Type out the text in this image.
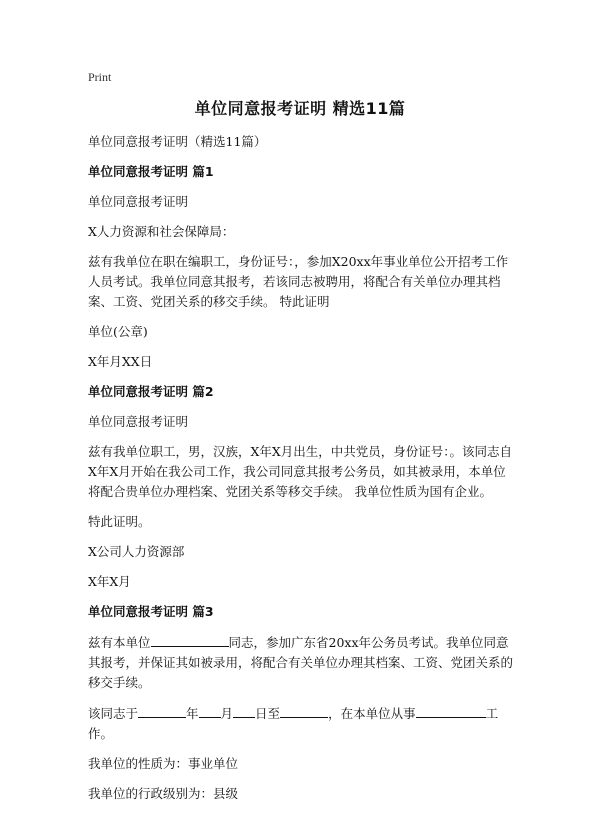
Print
单位同意报考证明 精选11篇

单位同意报考证明（精选11篇）

单位同意报考证明 篇1

单位同意报考证明

X人力资源和社会保障局：

兹有我单位在职在编职工，身份证号：，参加X20xx年事业单位公开招考工作人员考试。我单位同意其报考，若该同志被聘用，将配合有关单位办理其档案、工资、党团关系的移交手续。 特此证明

单位(公章)

X年月XX日

单位同意报考证明 篇2

单位同意报考证明

兹有我单位职工，男，汉族，X年X月出生，中共党员，身份证号：。该同志自X年X月开始在我公司工作，我公司同意其报考公务员，如其被录用，本单位将配合贵单位办理档案、党团关系等移交手续。 我单位性质为国有企业。

特此证明。

X公司人力资源部

X年X月

单位同意报考证明 篇3

兹有本单位	同志，参加广东省20xx年公务员考试。我单位同意其报考，并保证其如被录用，将配合有关单位办理其档案、工资、党团关系的移交手续。

该同志于	年 月 日至	，在本单位从事	工作。

我单位的性质为：事业单位

我单位的行政级别为：县级
